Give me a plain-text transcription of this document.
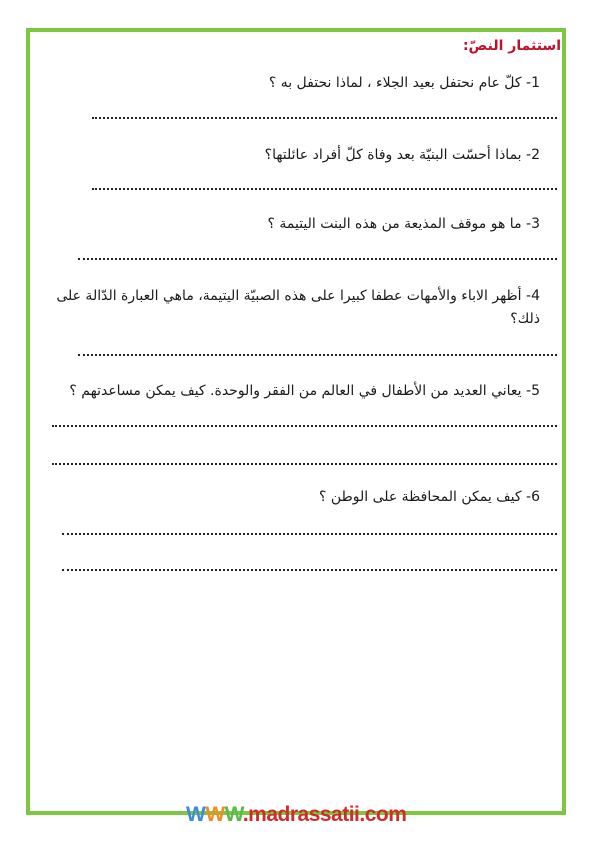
استثمار النصّ:
1- كلّ عام نحتفل بعيد الجلاء ، لماذا نحتفل به ؟
2- بماذا أحسّت البنيّة بعد وفاة كلّ أفراد عائلتها؟
3- ما هو موقف المذيعة من هذه البنت اليتيمة ؟
4- أظهر الاباء والأمهات عطفا كبيرا على هذه الصبيّة اليتيمة، ماهي العبارة الدّالة على
ذلك؟
5- يعاني العديد من الأطفال في العالم من الفقر والوحدة. كيف يمكن مساعدتهم ؟
6- كيف يمكن المحافظة على الوطن ؟
WWW.madrassatii.com
